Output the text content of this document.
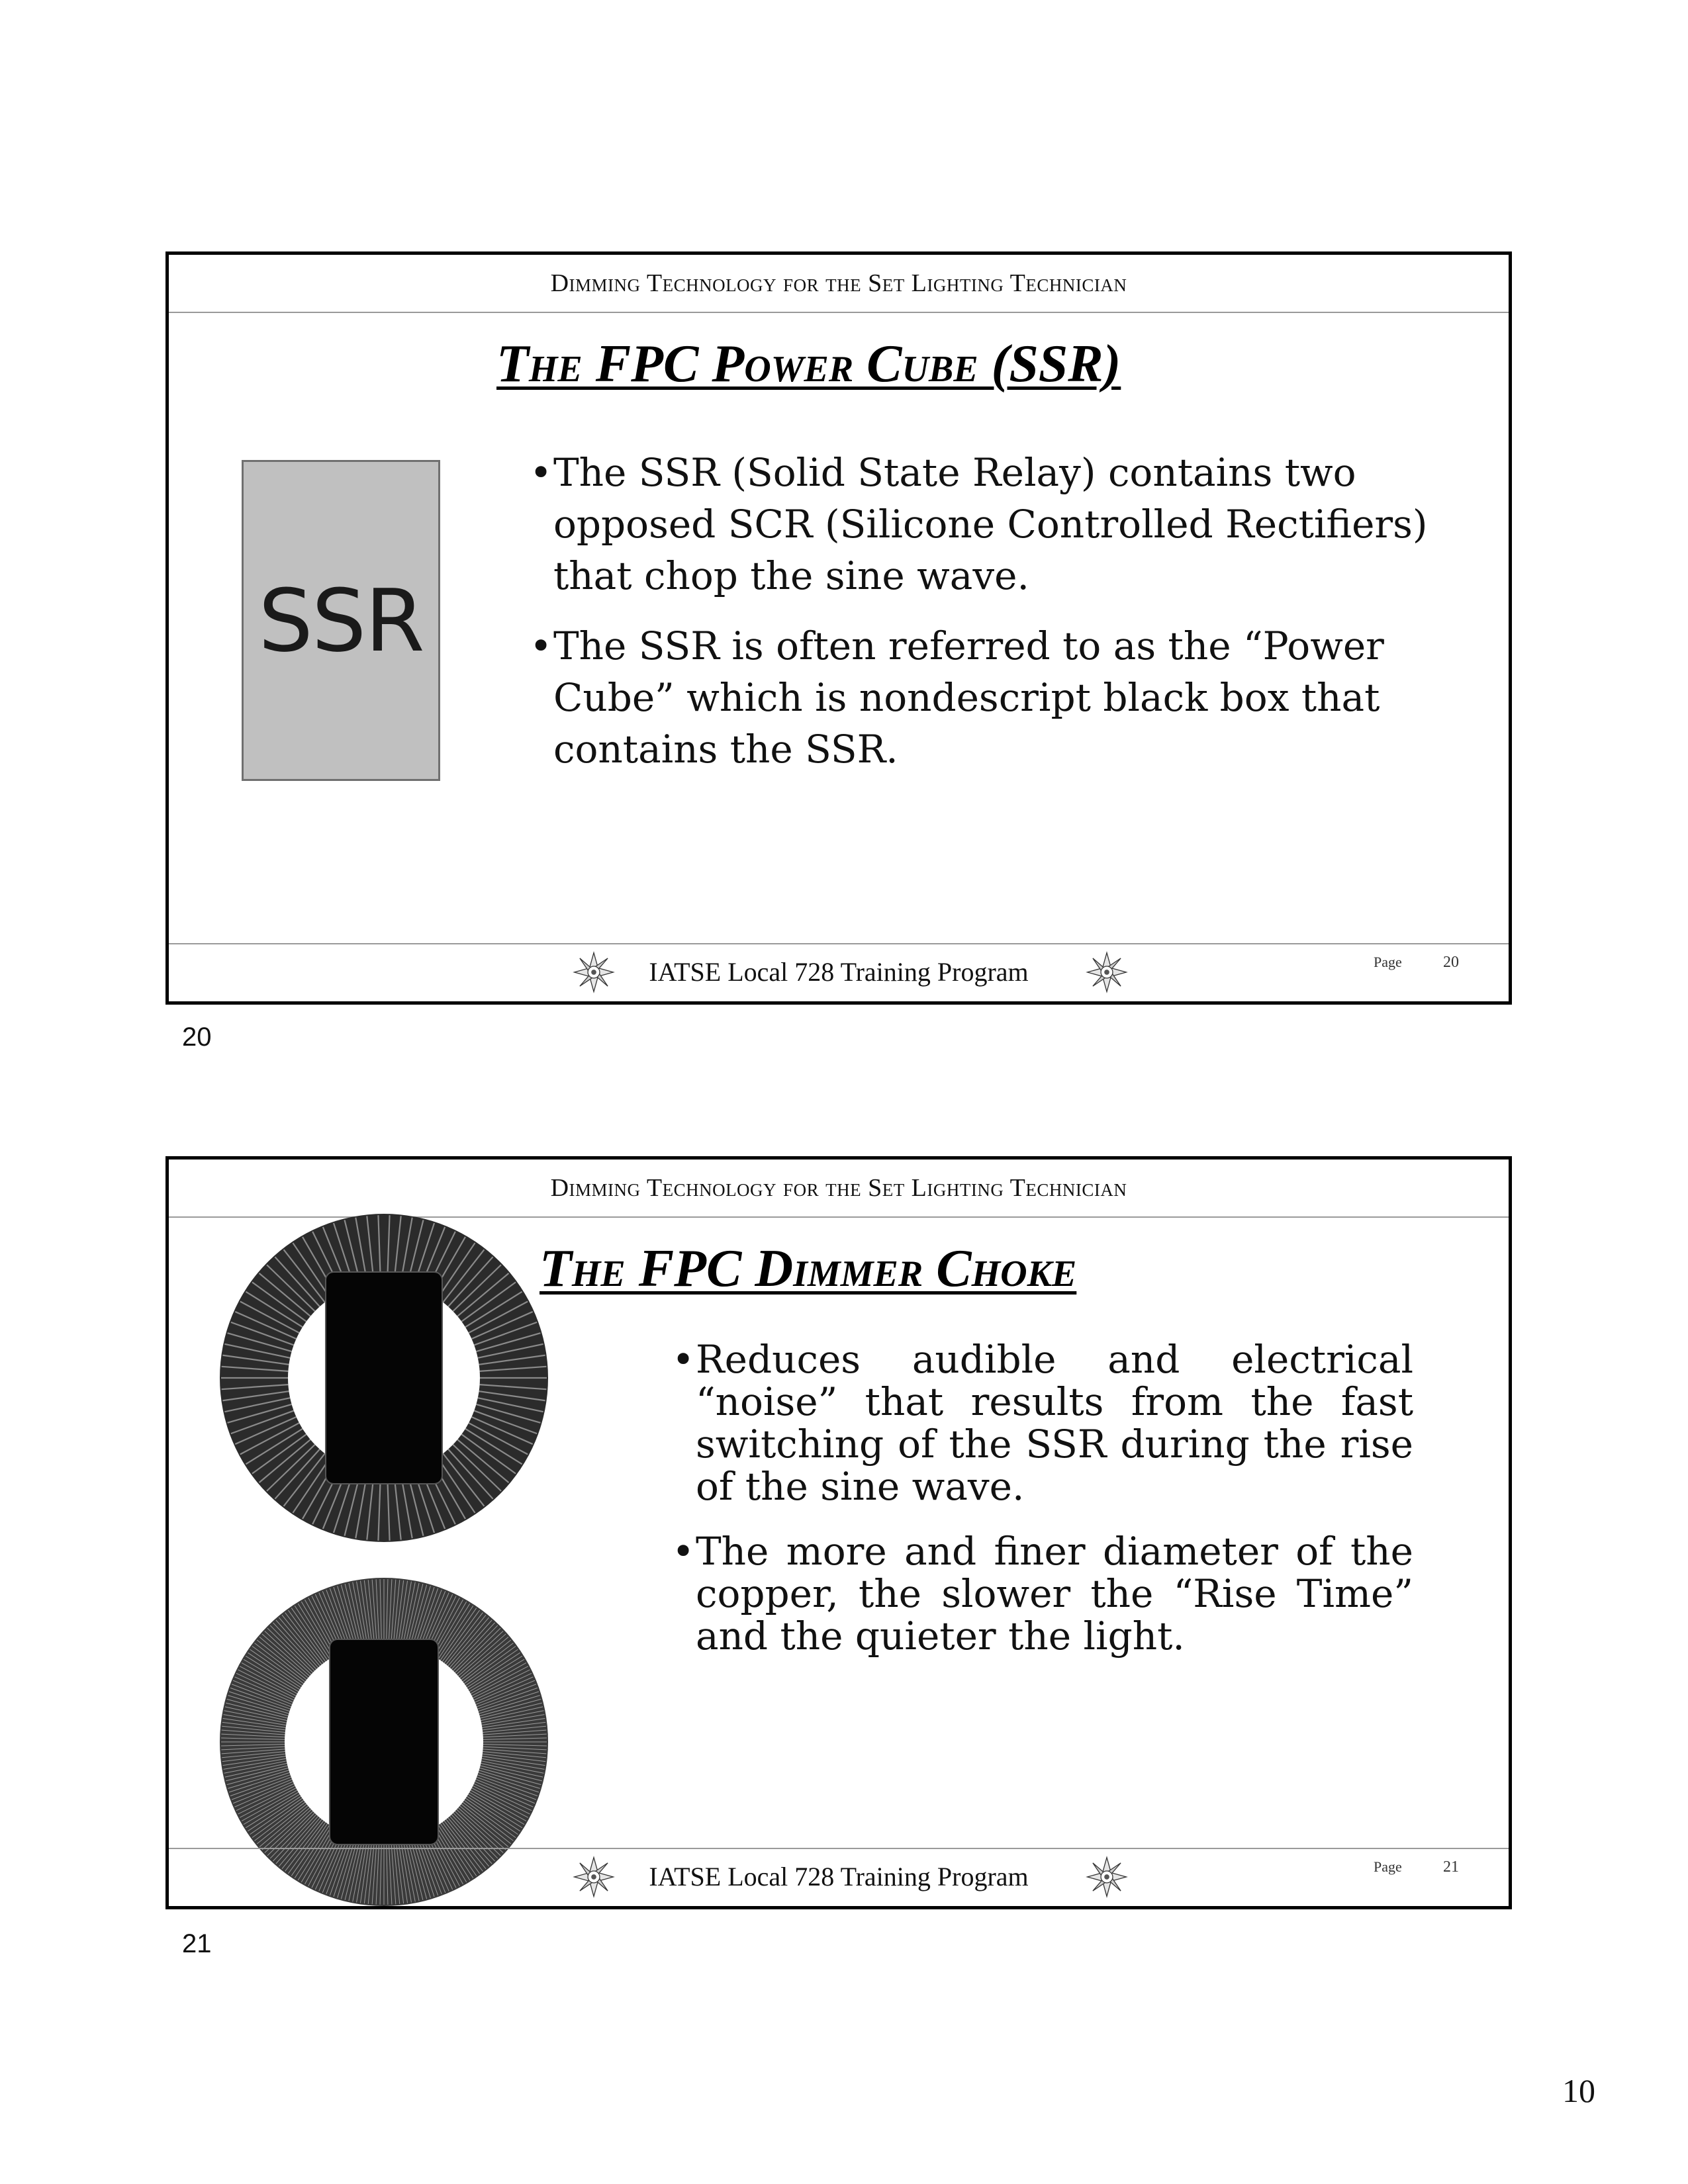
Dimming Technology for the Set Lighting Technician
The FPC Power Cube (SSR)
SSR
• The SSR (Solid State Relay) contains two opposed SCR (Silicone Controlled Rectifiers) that chop the sine wave.
• The SSR is often referred to as the “Power Cube” which is nondescript black box that contains the SSR.
IATSE Local 728 Training Program	Page	20
20
Dimming Technology for the Set Lighting Technician
The FPC Dimmer Choke
• Reduces audible and electrical “noise” that results from the fast switching of the SSR during the rise of the sine wave.
• The more and finer diameter of the copper, the slower the “Rise Time” and the quieter the light.
IATSE Local 728 Training Program	Page	21
21
10
